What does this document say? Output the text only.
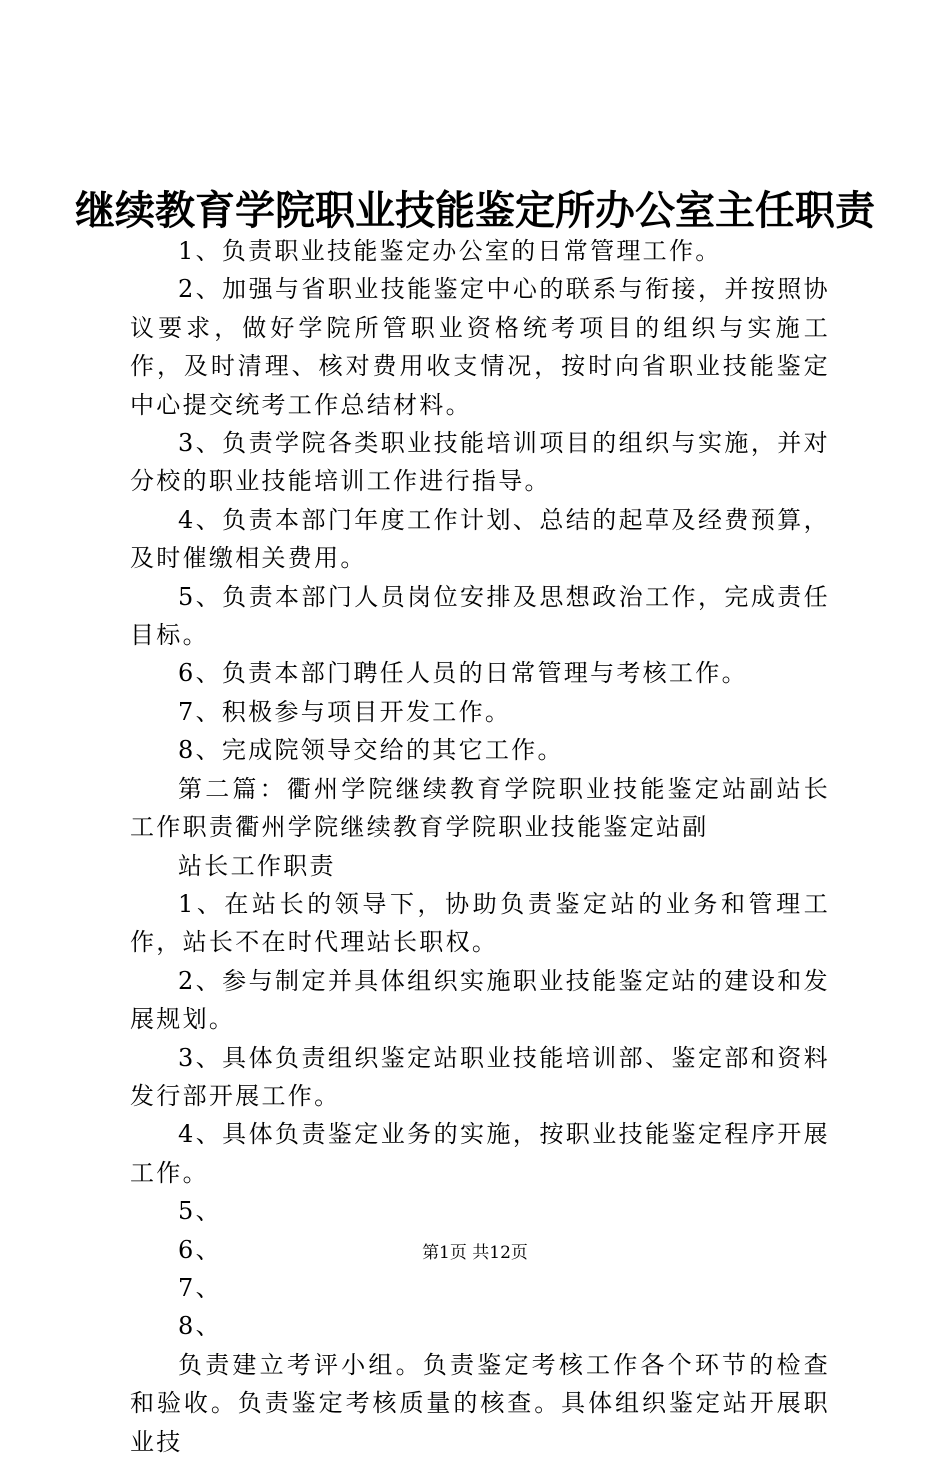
继续教育学院职业技能鉴定所办公室主任职责

1、负责职业技能鉴定办公室的日常管理工作。

2、加强与省职业技能鉴定中心的联系与衔接，并按照协议要求，做好学院所管职业资格统考项目的组织与实施工作，及时清理、核对费用收支情况，按时向省职业技能鉴定中心提交统考工作总结材料。

3、负责学院各类职业技能培训项目的组织与实施，并对分校的职业技能培训工作进行指导。

4、负责本部门年度工作计划、总结的起草及经费预算，及时催缴相关费用。

5、负责本部门人员岗位安排及思想政治工作，完成责任目标。

6、负责本部门聘任人员的日常管理与考核工作。

7、积极参与项目开发工作。

8、完成院领导交给的其它工作。

第二篇：衢州学院继续教育学院职业技能鉴定站副站长工作职责衢州学院继续教育学院职业技能鉴定站副

站长工作职责

1、在站长的领导下，协助负责鉴定站的业务和管理工作，站长不在时代理站长职权。

2、参与制定并具体组织实施职业技能鉴定站的建设和发展规划。

3、具体负责组织鉴定站职业技能培训部、鉴定部和资料发行部开展工作。

4、具体负责鉴定业务的实施，按职业技能鉴定程序开展工作。

5、

6、

7、

8、

负责建立考评小组。负责鉴定考核工作各个环节的检查和验收。负责鉴定考核质量的核查。具体组织鉴定站开展职业技

第1页 共12页
